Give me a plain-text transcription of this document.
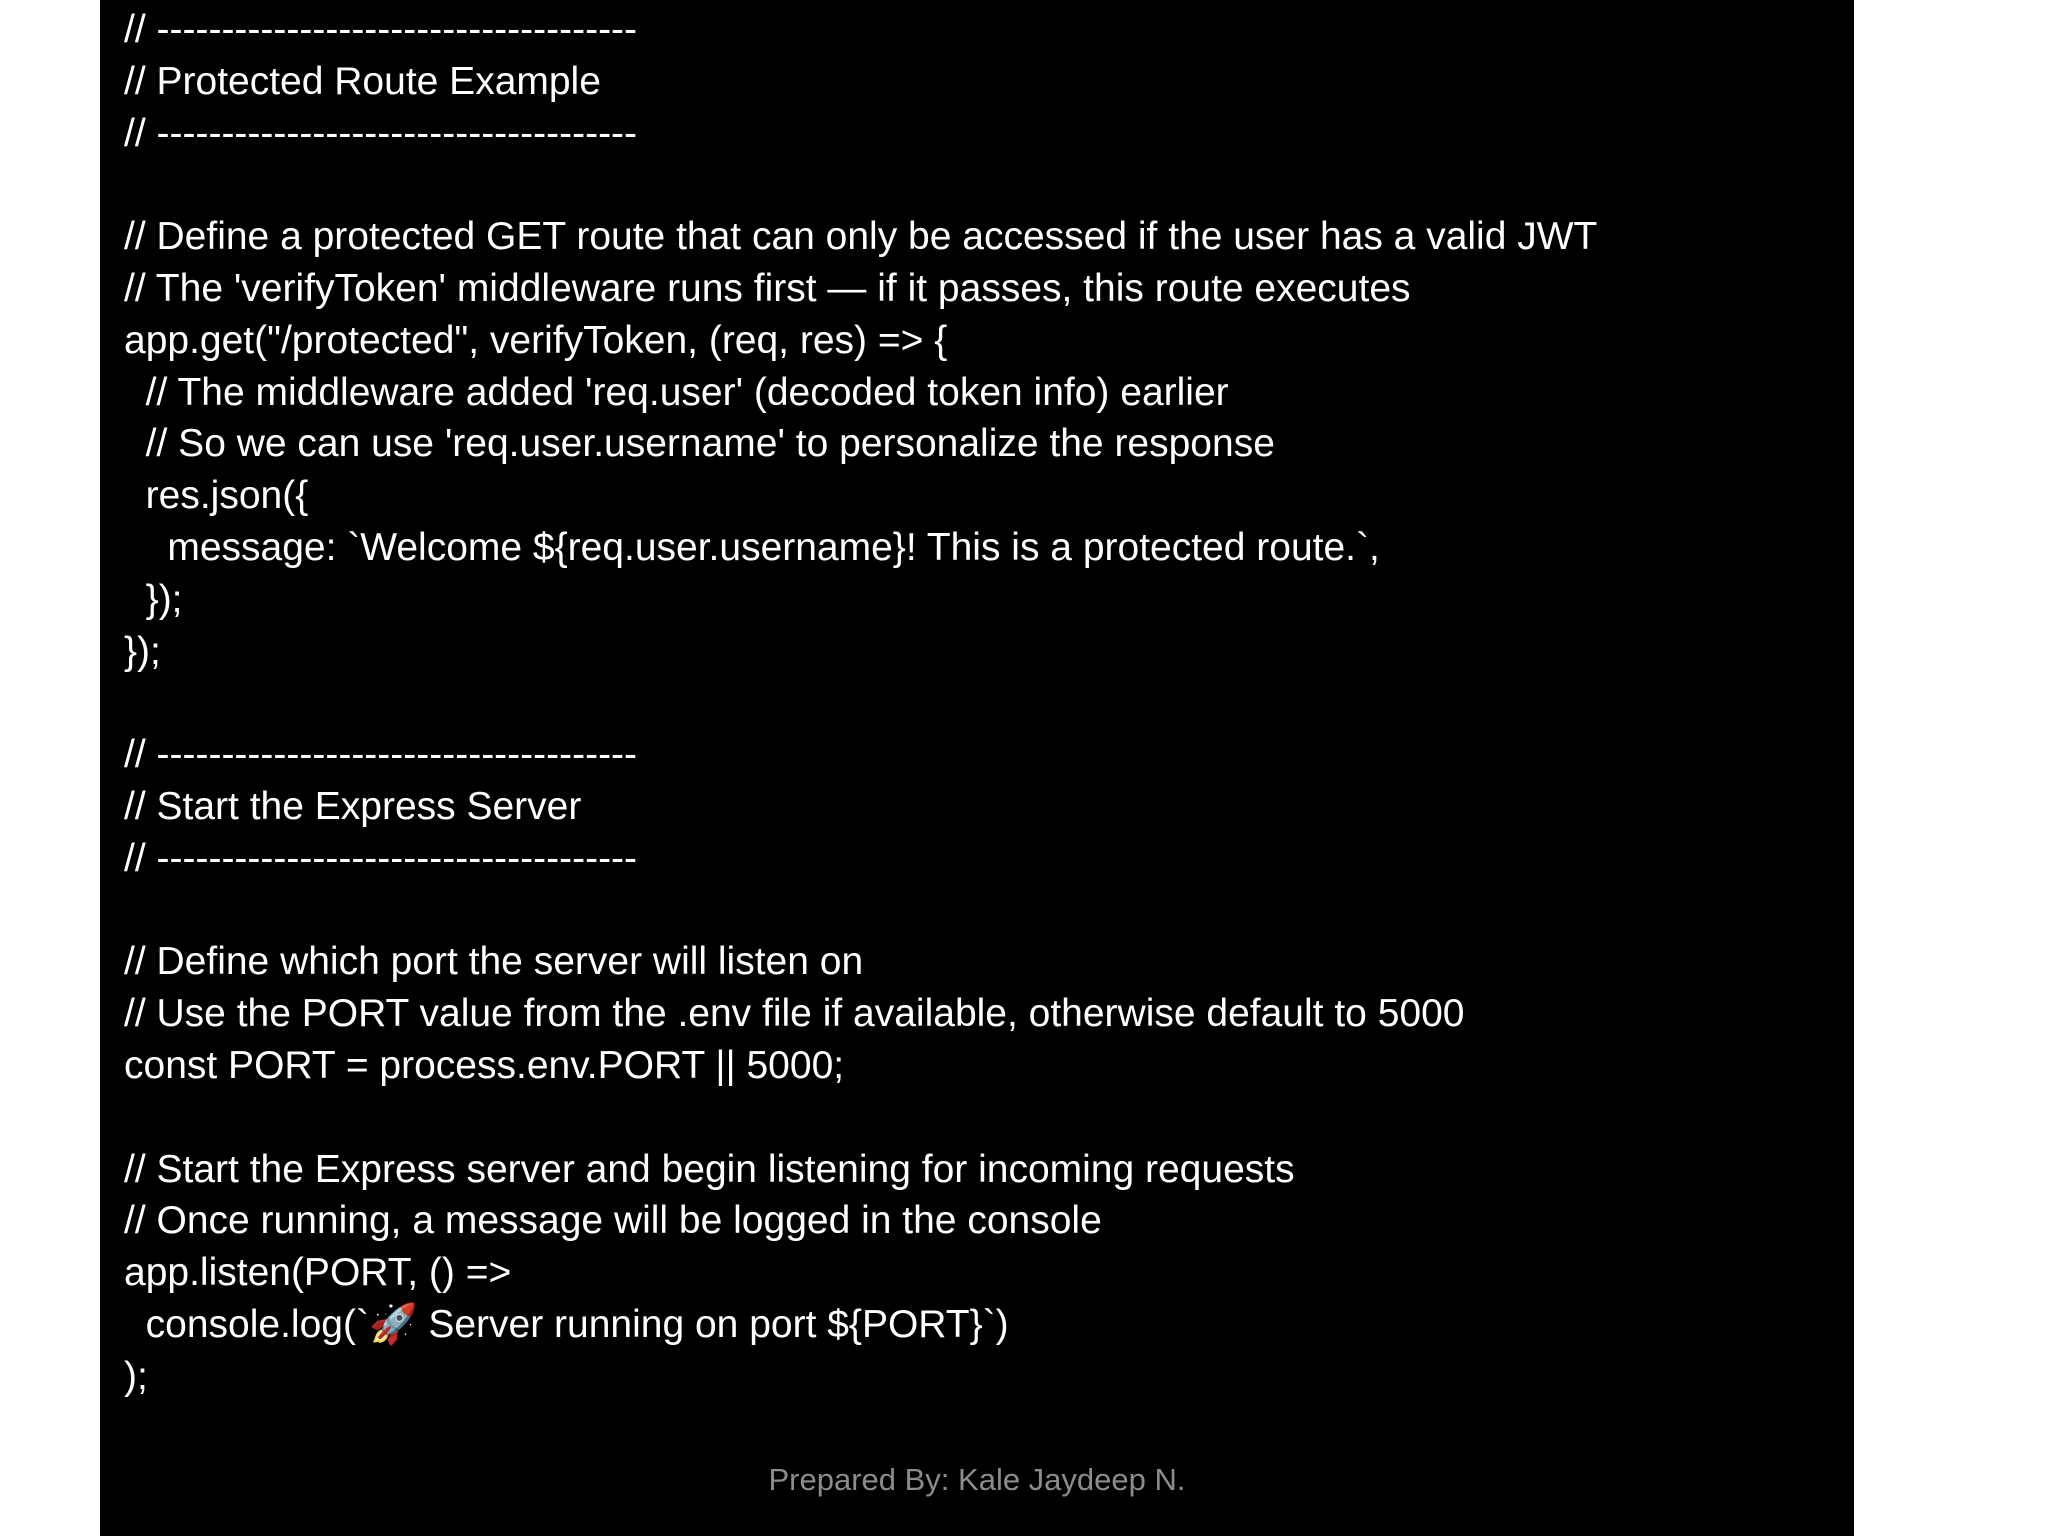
// -------------------------------------
// Protected Route Example
// -------------------------------------
// Define a protected GET route that can only be accessed if the user has a valid JWT
// The 'verifyToken' middleware runs first — if it passes, this route executes
app.get("/protected", verifyToken, (req, res) => {
// The middleware added 'req.user' (decoded token info) earlier
// So we can use 'req.user.username' to personalize the response
res.json({
message: `Welcome ${req.user.username}! This is a protected route.`,
});
});
// -------------------------------------
// Start the Express Server
// -------------------------------------
// Define which port the server will listen on
// Use the PORT value from the .env file if available, otherwise default to 5000
const PORT = process.env.PORT || 5000;
// Start the Express server and begin listening for incoming requests
// Once running, a message will be logged in the console
app.listen(PORT, () =>
console.log(`🚀 Server running on port ${PORT}`)
);
Prepared By: Kale Jaydeep N.
